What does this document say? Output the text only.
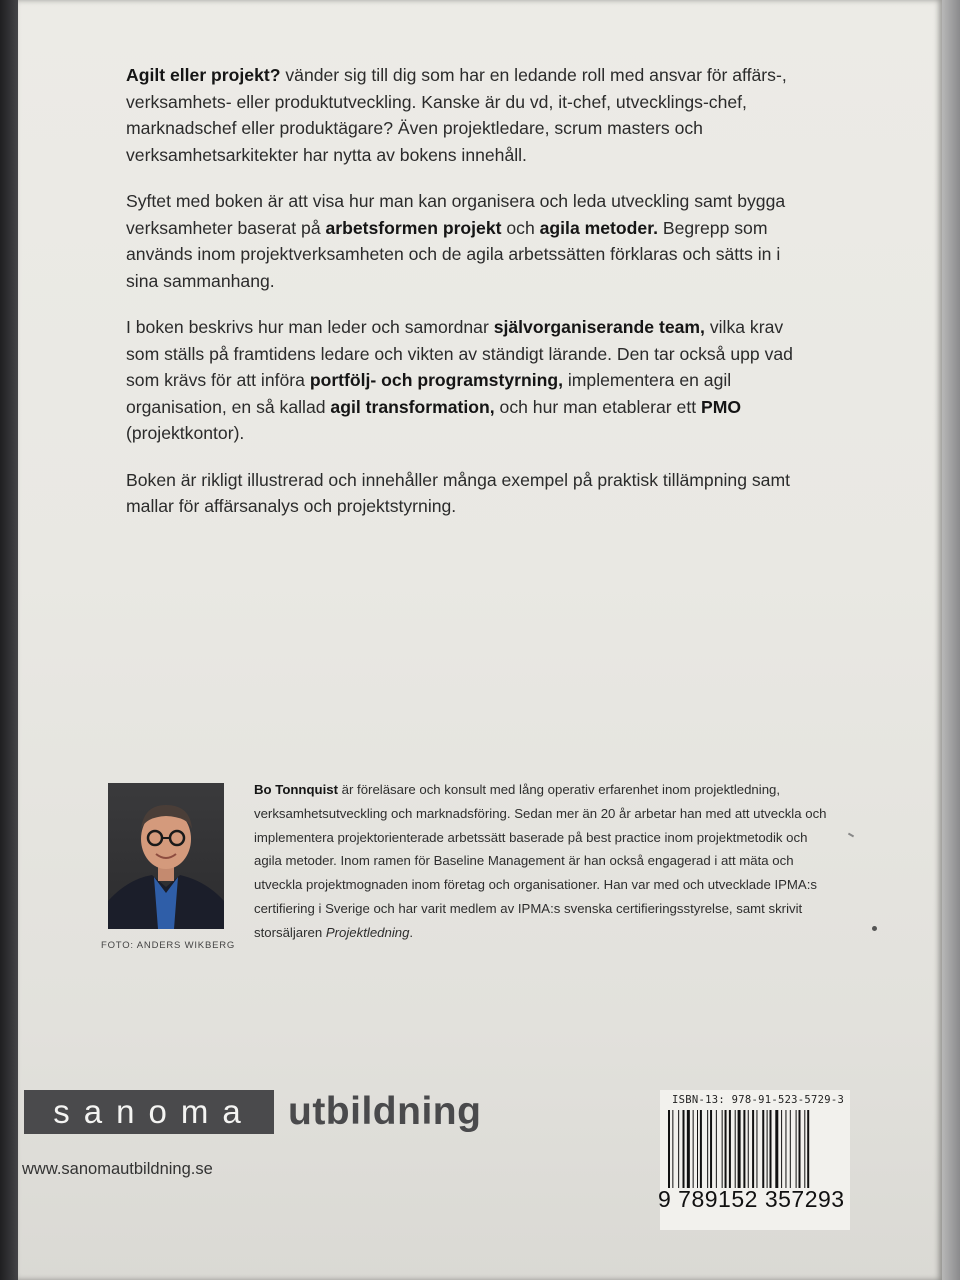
Agilt eller projekt? vänder sig till dig som har en ledande roll med ansvar för affärs-, verksamhets- eller produktutveckling. Kanske är du vd, it-chef, utvecklings-chef, marknadschef eller produktägare? Även projektledare, scrum masters och verksamhetsarkitekter har nytta av bokens innehåll.

Syftet med boken är att visa hur man kan organisera och leda utveckling samt bygga verksamheter baserat på arbetsformen projekt och agila metoder. Begrepp som används inom projektverksamheten och de agila arbetssätten förklaras och sätts in i sina sammanhang.

I boken beskrivs hur man leder och samordnar självorganiserande team, vilka krav som ställs på framtidens ledare och vikten av ständigt lärande. Den tar också upp vad som krävs för att införa portfölj- och programstyrning, implementera en agil organisation, en så kallad agil transformation, och hur man etablerar ett PMO (projektkontor).

Boken är rikligt illustrerad och innehåller många exempel på praktisk tillämpning samt mallar för affärsanalys och projektstyrning.

FOTO: ANDERS WIKBERG
Bo Tonnquist är föreläsare och konsult med lång operativ erfarenhet inom projektledning, verksamhetsutveckling och marknadsföring. Sedan mer än 20 år arbetar han med att utveckla och implementera projektorienterade arbetssätt baserade på best practice inom projektmetodik och agila metoder. Inom ramen för Baseline Management är han också engagerad i att mäta och utveckla projektmognaden inom företag och organisationer. Han var med och utvecklade IPMA:s certifiering i Sverige och har varit medlem av IPMA:s svenska certifieringsstyrelse, samt skrivit storsäljaren Projektledning.
sanoma utbildning
www.sanomautbildning.se
ISBN-13: 978-91-523-5729-3
9 789152 357293
